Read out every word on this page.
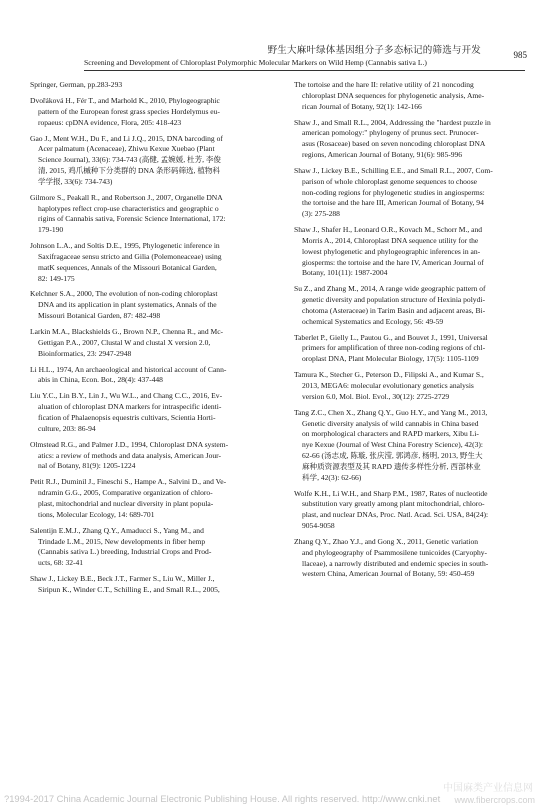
野生大麻叶绿体基因组分子多态标记的筛选与开发	985
Screening and Development of Chloroplast Polymorphic Molecular Markers on Wild Hemp (Cannabis sativa L.)
Springer, German, pp.283-293
Dvořáková H., Fér T., and Marhold K., 2010, Phylogeographic
pattern of the European forest grass species Hordelymus eu-
ropaeus: cpDNA evidence, Flora, 205: 418-423
Gao J., Ment W.H., Du F., and Li J.Q., 2015, DNA barcoding of
Acer palmatum (Acenaceae), Zhiwu Kexue Xuebao (Plant
Science Journal), 33(6): 734-743 (高健, 孟婉媛, 杜芳, 李俊
清, 2015, 鸡爪槭种下分类群的 DNA 条形码筛选, 植物科
学学报, 33(6): 734-743)
Gilmore S., Peakall R., and Robertson J., 2007, Organelle DNA
haplotypes reflect crop-use characteristics and geographic o
rigins of Cannabis sativa, Forensic Science International, 172:
179-190
Johnson L.A., and Soltis D.E., 1995, Phylogenetic inference in
Saxifragaceae sensu stricto and Gilia (Polemoneaceae) using
matK sequences, Annals of the Missouri Botanical Garden,
82: 149-175
Kelchner S.A., 2000, The evolution of non-coding chloroplast
DNA and its application in plant systematics, Annals of the
Missouri Botanical Garden, 87: 482-498
Larkin M.A., Blackshields G., Brown N.P., Chenna R., and Mc-
Gettigan P.A., 2007, Clustal W and clustal X version 2.0,
Bioinformatics, 23: 2947-2948
Li H.L., 1974, An archaeological and historical account of Cann-
abis in China, Econ. Bot., 28(4): 437-448
Liu Y.C., Lin B.Y., Lin J., Wu W.L., and Chang C.C., 2016, Ev-
aluation of chloroplast DNA markers for intraspecific identi-
fication of Phalaenopsis equestris cultivars, Scientia Horti-
culture, 203: 86-94
Olmstead R.G., and Palmer J.D., 1994, Chloroplast DNA system-
atics: a review of methods and data analysis, American Jour-
nal of Botany, 81(9): 1205-1224
Petit R.J., Duminil J., Fineschi S., Hampe A., Salvini D., and Ve-
ndramin G.G., 2005, Comparative organization of chloro-
plast, mitochondrial and nuclear diversity in plant popula-
tions, Molecular Ecology, 14: 689-701
Salentijn E.M.J., Zhang Q.Y., Amaducci S., Yang M., and
Trindade L.M., 2015, New developments in fiber hemp
(Cannabis sativa L.) breeding, Industrial Crops and Prod-
ucts, 68: 32-41
Shaw J., Lickey B.E., Beck J.T., Farmer S., Liu W., Miller J.,
Siripun K., Winder C.T., Schilling E., and Small R.L., 2005,
The tortoise and the hare II: relative utility of 21 noncoding
chloroplast DNA sequences for phylogenetic analysis, Ame-
rican Journal of Botany, 92(1): 142-166
Shaw J., and Small R.L., 2004, Addressing the "hardest puzzle in
american pomology:" phylogeny of prunus sect. Prunocer-
asus (Rosaceae) based on seven noncoding chloroplast DNA
regions, American Journal of Botany, 91(6): 985-996
Shaw J., Lickey B.E., Schilling E.E., and Small R.L., 2007, Com-
parison of whole chloroplast genome sequences to choose
non-coding regions for phylogenetic studies in angiosperms:
the tortoise and the hare III, American Journal of Botany, 94
(3): 275-288
Shaw J., Shafer H., Leonard O.R., Kovach M., Schorr M., and
Morris A., 2014, Chloroplast DNA sequence utility for the
lowest phylogenetic and phylogeographic inferences in an-
giosperms: the tortoise and the hare IV, American Journal of
Botany, 101(11): 1987-2004
Su Z., and Zhang M., 2014, A range wide geographic pattern of
genetic diversity and population structure of Hexinia polydi-
chotoma (Asteraceae) in Tarim Basin and adjacent areas, Bi-
ochemical Systematics and Ecology, 56: 49-59
Taberlet P., Gielly L., Pautou G., and Bouvet J., 1991, Universal
primers for amplification of three non-coding regions of chl-
oroplast DNA, Plant Molecular Biology, 17(5): 1105-1109
Tamura K., Stecher G., Peterson D., Filipski A., and Kumar S.,
2013, MEGA6: molecular evolutionary genetics analysis
version 6.0, Mol. Biol. Evol., 30(12): 2725-2729
Tang Z.C., Chen X., Zhang Q.Y., Guo H.Y., and Yang M., 2013,
Genetic diversity analysis of wild cannabis in China based
on morphological characters and RAPD markers, Xibu Li-
nye Kexue (Journal of West China Forestry Science), 42(3):
62-66 (汤志成, 陈璇, 张庆滢, 郭鸿彦, 杨明, 2013, 野生大
麻种质资源表型及其 RAPD 遗传多样性分析, 西部林业
科学, 42(3): 62-66)
Wolfe K.H., Li W.H., and Sharp P.M., 1987, Rates of nucleotide
substitution vary greatly among plant mitochondrial, chloro-
plast, and nuclear DNAs, Proc. Natl. Acad. Sci. USA, 84(24):
9054-9058
Zhang Q.Y., Zhao Y.J., and Gong X., 2011, Genetic variation
and phylogeography of Psammosilene tunicoides (Caryophy-
llaceae), a narrowly distributed and endemic species in south-
western China, American Journal of Botany, 59: 450-459
?1994-2017 China Academic Journal Electronic Publishing House. All rights reserved. http://www.cnki.net
中国麻类产业信息网
www.fibercrops.com
